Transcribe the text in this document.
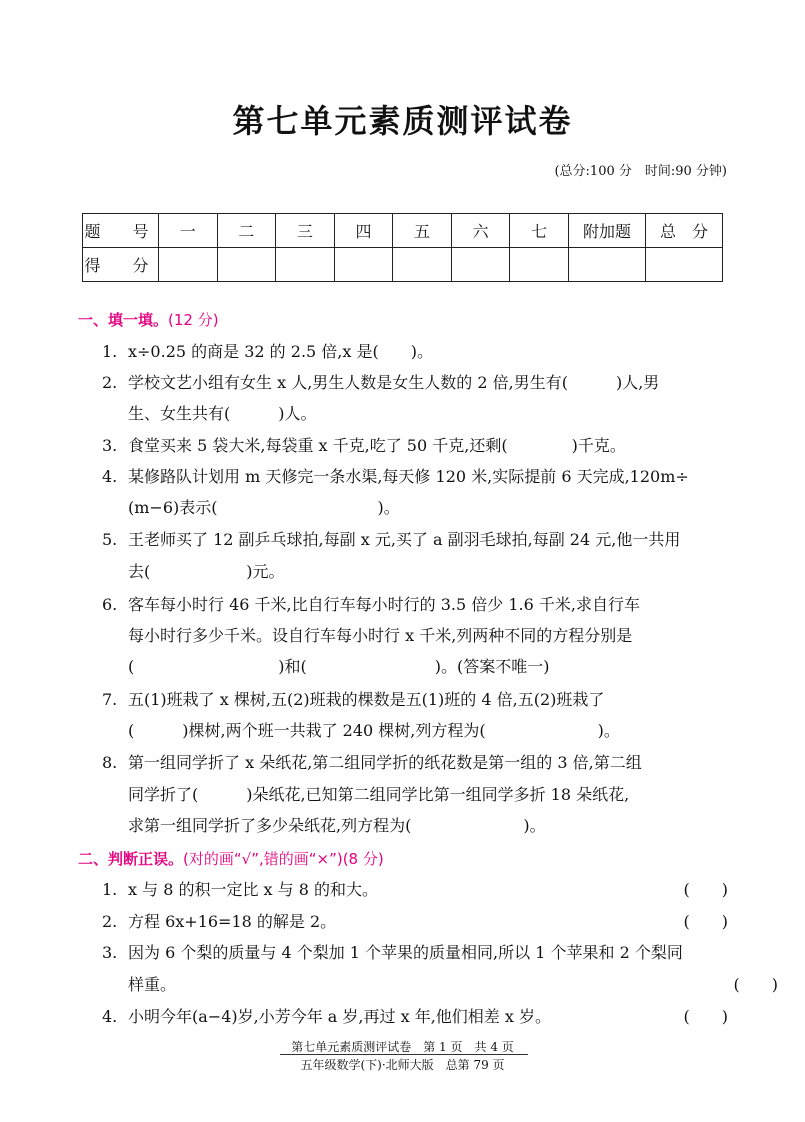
第七单元素质测评试卷
(总分:100 分　时间:90 分钟)
题　号	一	二	三	四	五	六	七	附加题	总　分
得　分									
一、填一填。(12 分)
1. x÷0.25 的商是 32 的 2.5 倍,x 是(　　)。
2. 学校文艺小组有女生 x 人,男生人数是女生人数的 2 倍,男生有(　　　)人,男
生、女生共有(　　　)人。
3. 食堂买来 5 袋大米,每袋重 x 千克,吃了 50 千克,还剩(　　　　)千克。
4. 某修路队计划用 m 天修完一条水渠,每天修 120 米,实际提前 6 天完成,120m÷
(m−6)表示(　　　　　　　　　　)。
5. 王老师买了 12 副乒乓球拍,每副 x 元,买了 a 副羽毛球拍,每副 24 元,他一共用
去(　　　　　　)元。
6. 客车每小时行 46 千米,比自行车每小时行的 3.5 倍少 1.6 千米,求自行车
每小时行多少千米。设自行车每小时行 x 千米,列两种不同的方程分别是
(　　　　　　　　　)和(　　　　　　　　)。(答案不唯一)
7. 五(1)班栽了 x 棵树,五(2)班栽的棵数是五(1)班的 4 倍,五(2)班栽了
(　　　)棵树,两个班一共栽了 240 棵树,列方程为(　　　　　　　)。
8. 第一组同学折了 x 朵纸花,第二组同学折的纸花数是第一组的 3 倍,第二组
同学折了(　　　)朵纸花,已知第二组同学比第一组同学多折 18 朵纸花,
求第一组同学折了多少朵纸花,列方程为(　　　　　　　)。
二、判断正误。(对的画“√”,错的画“×”)(8 分)
1. x 与 8 的积一定比 x 与 8 的和大。	(　　)
2. 方程 6x+16=18 的解是 2。	(　　)
3. 因为 6 个梨的质量与 4 个梨加 1 个苹果的质量相同,所以 1 个苹果和 2 个梨同
样重。	(　　)
4. 小明今年(a−4)岁,小芳今年 a 岁,再过 x 年,他们相差 x 岁。	(　　)
第七单元素质测评试卷　第 1 页　共 4 页
五年级数学(下)·北师大版　总第 79 页
